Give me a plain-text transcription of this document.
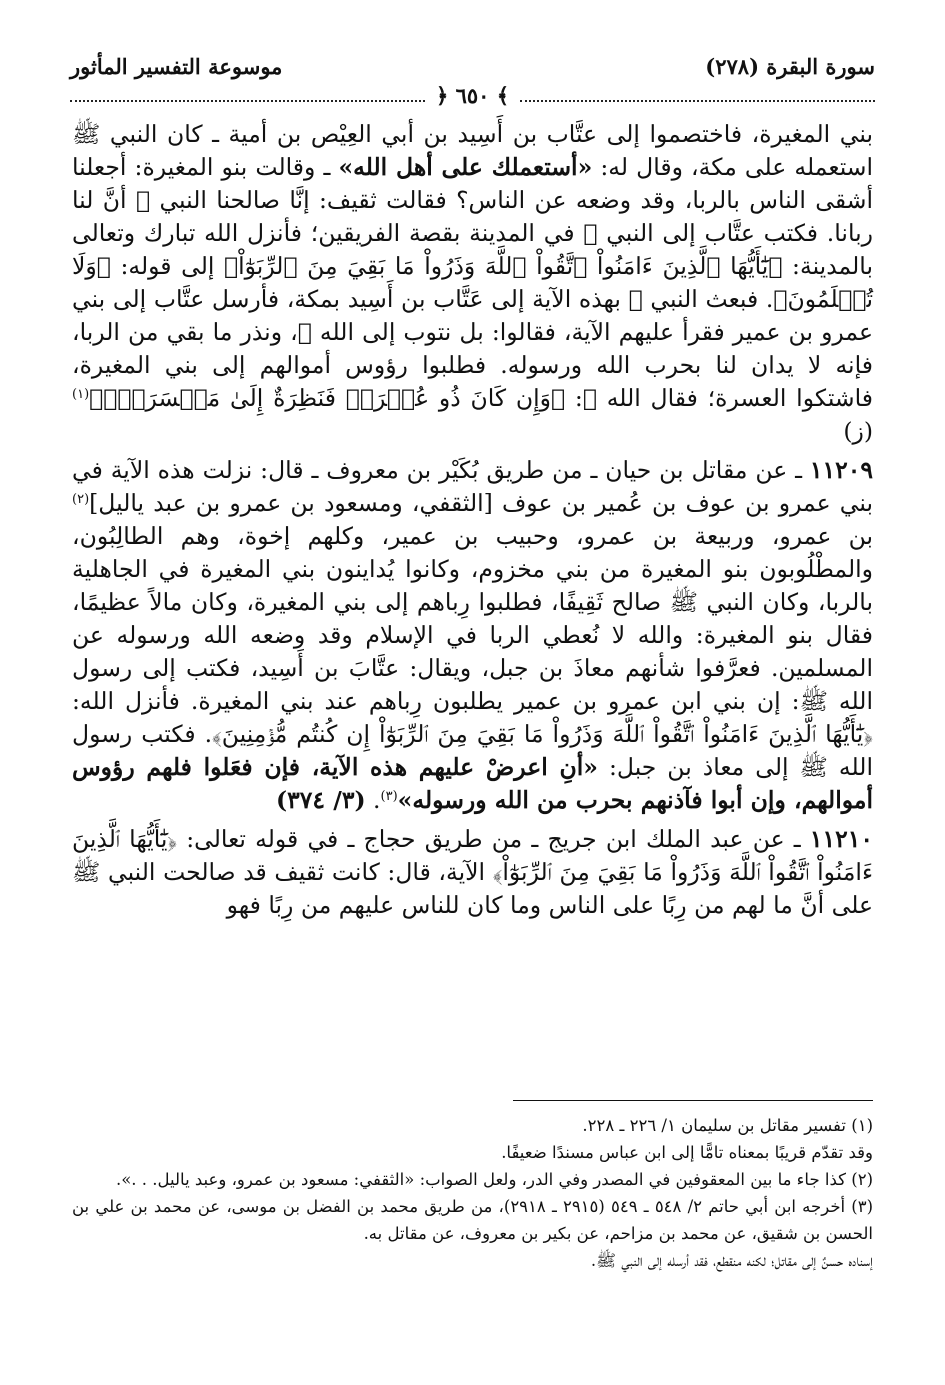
سورة البقرة (٢٧٨)
موسوعة التفسير المأثور
﴿ ٦٥٠ ﴾

بني المغيرة، فاختصموا إلى عتَّاب بن أَسِيد بن أبي العِيْص بن أمية ـ كان النبي ﷺ استعمله على مكة، وقال له: «أستعملك على أهل الله» ـ وقالت بنو المغيرة: أجعلنا أشقى الناس بالربا، وقد وضعه عن الناس؟ فقالت ثقيف: إنَّا صالحنا النبي ﷺ أنَّ لنا ربانا. فكتب عتَّاب إلى النبي ﷺ في المدينة بقصة الفريقين؛ فأنزل الله تبارك وتعالى بالمدينة: ﴿يَٰٓأَيُّهَا ٱلَّذِينَ ءَامَنُواْ ٱتَّقُواْ ٱللَّهَ وَذَرُواْ مَا بَقِيَ مِنَ ٱلرِّبَوٰٓاْ﴾ إلى قوله: ﴿وَلَا تُظۡلَمُونَ﴾. فبعث النبي ﷺ بهذه الآية إلى عَتَّاب بن أَسِيد بمكة، فأرسل عتَّاب إلى بني عمرو بن عمير فقرأ عليهم الآية، فقالوا: بل نتوب إلى الله ﷻ، ونذر ما بقي من الربا، فإنه لا يدان لنا بحرب الله ورسوله. فطلبوا رؤوس أموالهم إلى بني المغيرة، فاشتكوا العسرة؛ فقال الله ﷻ: ﴿وَإِن كَانَ ذُو عُسۡرَةٖ فَنَظِرَةٌ إِلَىٰ مَيۡسَرَةٖۚ﴾$^{(١)}$ (ز)

١١٢٠٩ ـ عن مقاتل بن حيان ـ من طريق بُكَيْر بن معروف ـ قال: نزلت هذه الآية في بني عمرو بن عوف بن عُمير بن عوف [الثقفي، ومسعود بن عمرو بن عبد ياليل]$^{(٢)}$ بن عمرو، وربيعة بن عمرو، وحبيب بن عمير، وكلهم إخوة، وهم الطالِبُون، والمطْلُوبون بنو المغيرة من بني مخزوم، وكانوا يُداينون بني المغيرة في الجاهلية بالربا، وكان النبي ﷺ صالح ثَقِيفًا، فطلبوا رِباهم إلى بني المغيرة، وكان مالاً عظيمًا، فقال بنو المغيرة: والله لا نُعطي الربا في الإسلام وقد وضعه الله ورسوله عن المسلمين. فعرَّفوا شأنهم معاذَ بن جبل، ويقال: عتَّابَ بن أَسِيد، فكتب إلى رسول الله ﷺ: إن بني ابن عمرو بن عمير يطلبون رِباهم عند بني المغيرة. فأنزل الله: ﴿يَٰٓأَيُّهَا ٱلَّذِينَ ءَامَنُواْ ٱتَّقُواْ ٱللَّهَ وَذَرُواْ مَا بَقِيَ مِنَ ٱلرِّبَوٰٓاْ إِن كُنتُم مُّؤۡمِنِينَ﴾. فكتب رسول الله ﷺ إلى معاذ بن جبل: «أنِ اعرضْ عليهم هذه الآية، فإن فعَلوا فلهم رؤوس أموالهم، وإن أبوا فآذنهم بحرب من الله ورسوله»$^{(٣)}$. (٣/ ٣٧٤)

١١٢١٠ ـ عن عبد الملك ابن جريج ـ من طريق حجاج ـ في قوله تعالى: ﴿يَٰٓأَيُّهَا ٱلَّذِينَ ءَامَنُواْ ٱتَّقُواْ ٱللَّهَ وَذَرُواْ مَا بَقِيَ مِنَ ٱلرِّبَوٰٓاْ﴾ الآية، قال: كانت ثقيف قد صالحت النبي ﷺ على أنَّ ما لهم من رِبًا على الناس وما كان للناس عليهم من رِبًا فهو

(١) تفسير مقاتل بن سليمان ١/ ٢٢٦ ـ ٢٢٨.

وقد تقدّم قريبًا بمعناه تامًّا إلى ابن عباس مسندًا ضعيفًا.

(٢) كذا جاء ما بين المعقوفين في المصدر وفي الدر، ولعل الصواب: «الثقفي: مسعود بن عمرو، وعبد ياليل. . .».

(٣) أخرجه ابن أبي حاتم ٢/ ٥٤٨ ـ ٥٤٩ (٢٩١٥ ـ ٢٩١٨)، من طريق محمد بن الفضل بن موسى، عن محمد بن علي بن الحسن بن شقيق، عن محمد بن مزاحم، عن بكير بن معروف، عن مقاتل به.

إسناده حسنٌ إلى مقاتل؛ لكنه منقطع، فقد أرسله إلى النبي ﷺ.
